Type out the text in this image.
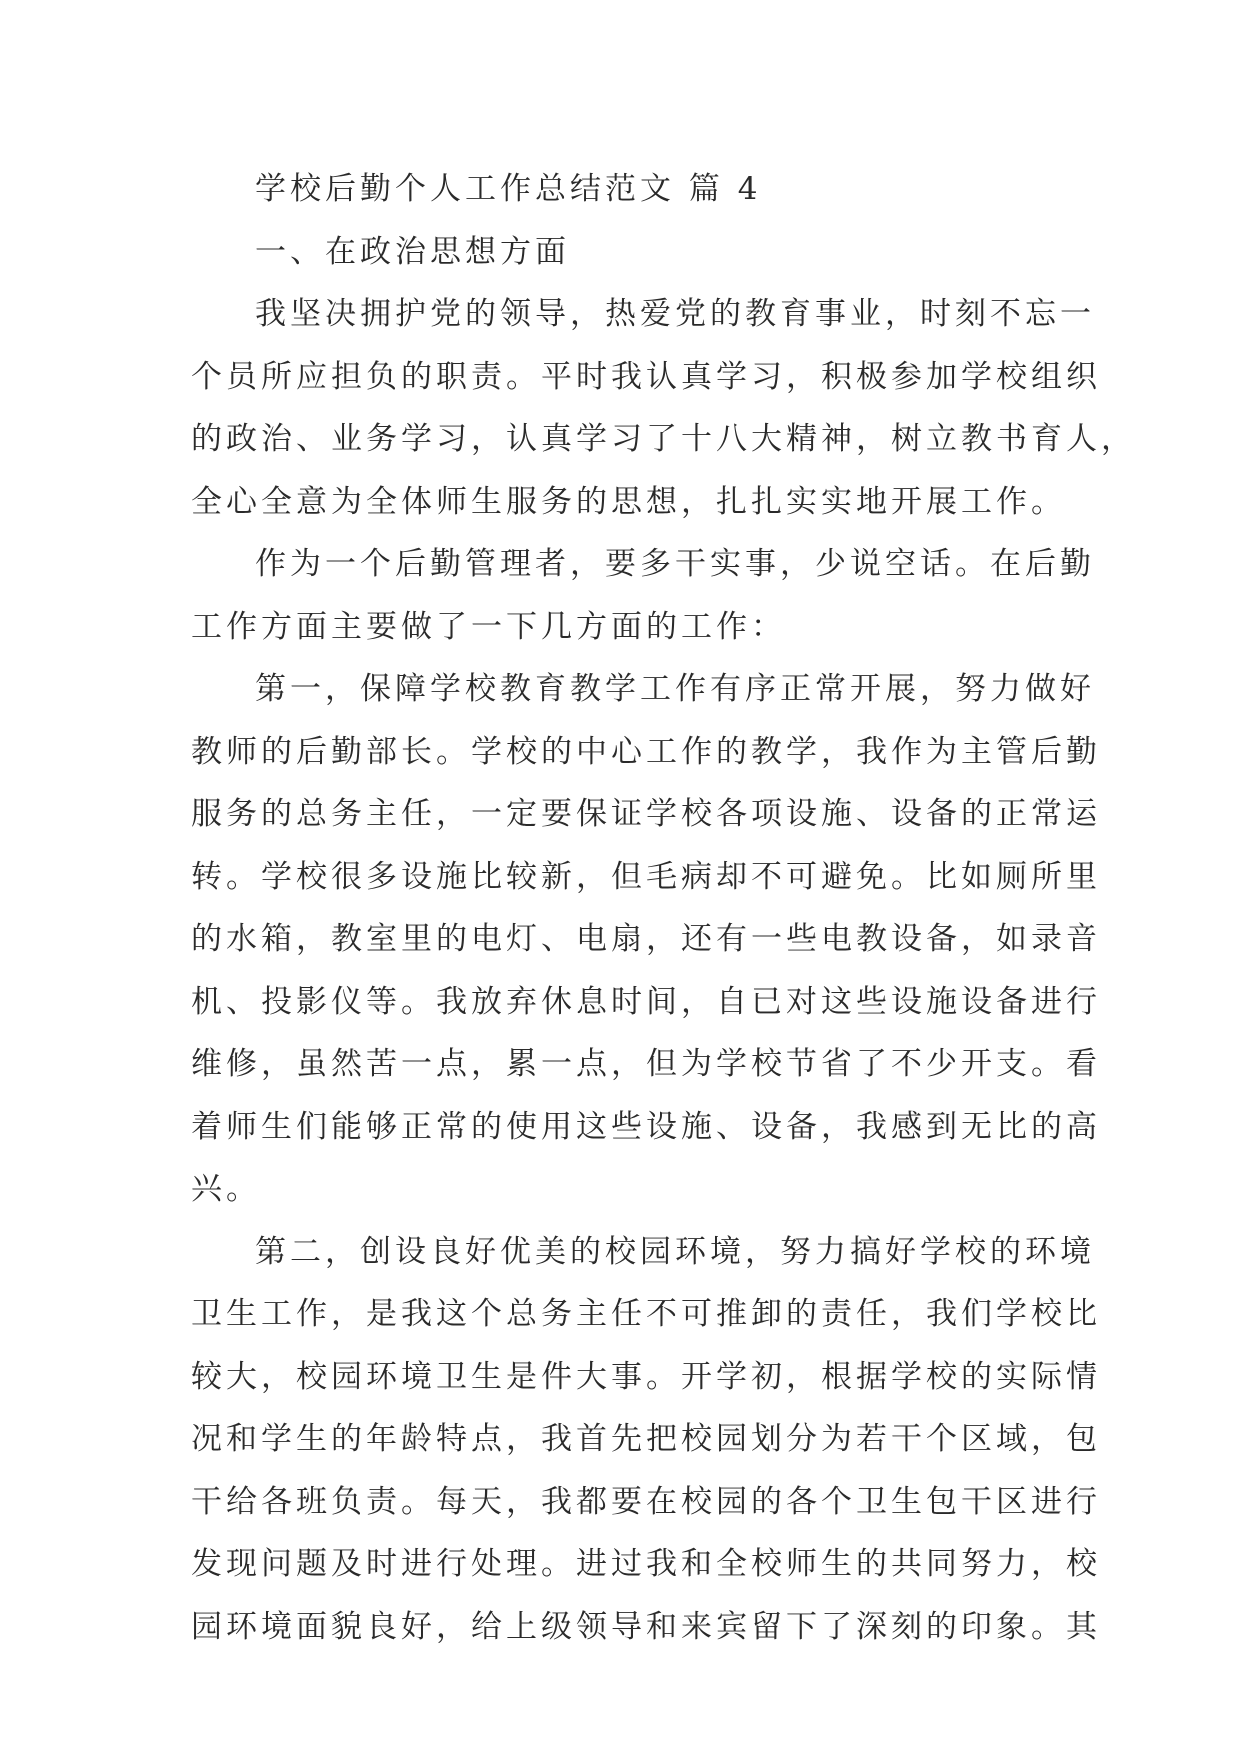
学校后勤个人工作总结范文 篇 4
一、在政治思想方面
我坚决拥护党的领导，热爱党的教育事业，时刻不忘一
个员所应担负的职责。平时我认真学习，积极参加学校组织
的政治、业务学习，认真学习了十八大精神，树立教书育人，
全心全意为全体师生服务的思想，扎扎实实地开展工作。
作为一个后勤管理者，要多干实事，少说空话。在后勤
工作方面主要做了一下几方面的工作：
第一，保障学校教育教学工作有序正常开展，努力做好
教师的后勤部长。学校的中心工作的教学，我作为主管后勤
服务的总务主任，一定要保证学校各项设施、设备的正常运
转。学校很多设施比较新，但毛病却不可避免。比如厕所里
的水箱，教室里的电灯、电扇，还有一些电教设备，如录音
机、投影仪等。我放弃休息时间，自已对这些设施设备进行
维修，虽然苦一点，累一点，但为学校节省了不少开支。看
着师生们能够正常的使用这些设施、设备，我感到无比的高
兴。
第二，创设良好优美的校园环境，努力搞好学校的环境
卫生工作，是我这个总务主任不可推卸的责任，我们学校比
较大，校园环境卫生是件大事。开学初，根据学校的实际情
况和学生的年龄特点，我首先把校园划分为若干个区域，包
干给各班负责。每天，我都要在校园的各个卫生包干区进行
发现问题及时进行处理。进过我和全校师生的共同努力，校
园环境面貌良好，给上级领导和来宾留下了深刻的印象。其
